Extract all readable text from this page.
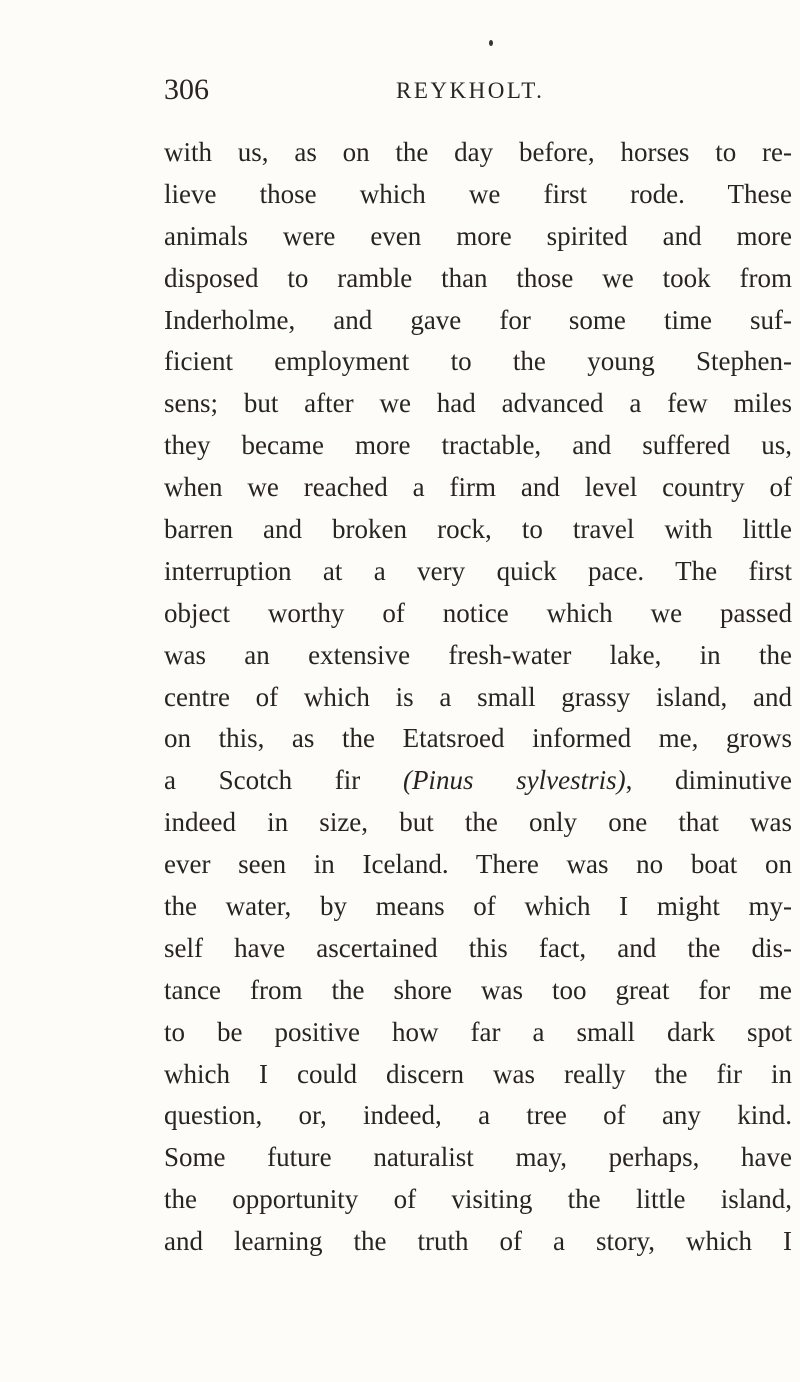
306	REYKHOLT.
with us, as on the day before, horses to re-
lieve those which we first rode. These
animals were even more spirited and more
disposed to ramble than those we took from
Inderholme, and gave for some time suf-
ficient employment to the young Stephen-
sens; but after we had advanced a few miles
they became more tractable, and suffered us,
when we reached a firm and level country of
barren and broken rock, to travel with little
interruption at a very quick pace. The first
object worthy of notice which we passed
was an extensive fresh-water lake, in the
centre of which is a small grassy island, and
on this, as the Etatsroed informed me, grows
a Scotch fir (Pinus sylvestris), diminutive
indeed in size, but the only one that was
ever seen in Iceland. There was no boat on
the water, by means of which I might my-
self have ascertained this fact, and the dis-
tance from the shore was too great for me
to be positive how far a small dark spot
which I could discern was really the fir in
question, or, indeed, a tree of any kind.
Some future naturalist may, perhaps, have
the opportunity of visiting the little island,
and learning the truth of a story, which I
